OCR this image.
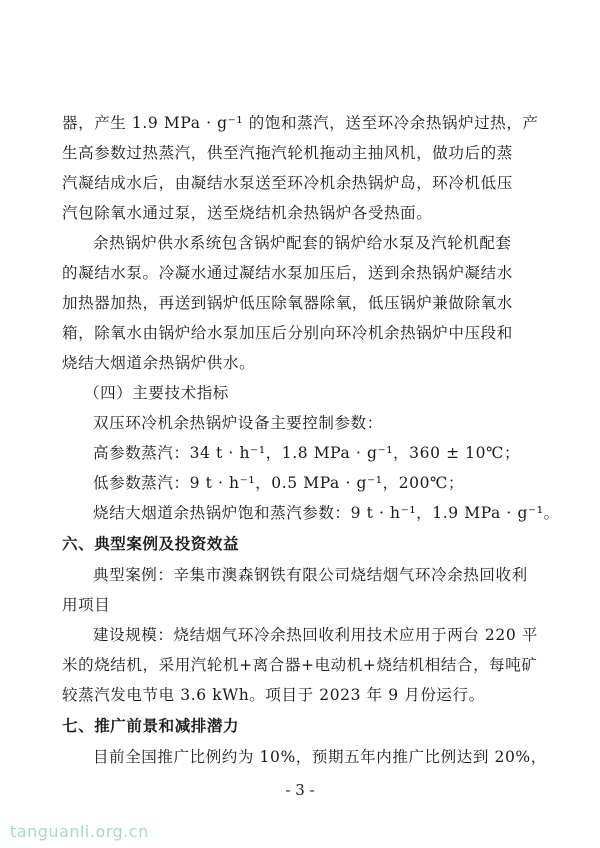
器，产生 1.9 MPa · g⁻¹ 的饱和蒸汽，送至环冷余热锅炉过热，产
生高参数过热蒸汽，供至汽拖汽轮机拖动主抽风机，做功后的蒸
汽凝结成水后，由凝结水泵送至环冷机余热锅炉岛，环冷机低压
汽包除氧水通过泵，送至烧结机余热锅炉各受热面。
余热锅炉供水系统包含锅炉配套的锅炉给水泵及汽轮机配套
的凝结水泵。冷凝水通过凝结水泵加压后，送到余热锅炉凝结水
加热器加热，再送到锅炉低压除氧器除氧，低压锅炉兼做除氧水
箱，除氧水由锅炉给水泵加压后分别向环冷机余热锅炉中压段和
烧结大烟道余热锅炉供水。
（四）主要技术指标
双压环冷机余热锅炉设备主要控制参数：
高参数蒸汽：34 t · h⁻¹，1.8 MPa · g⁻¹，360 ± 10℃；
低参数蒸汽：9 t · h⁻¹，0.5 MPa · g⁻¹，200℃；
烧结大烟道余热锅炉饱和蒸汽参数：9 t · h⁻¹，1.9 MPa · g⁻¹。
六、典型案例及投资效益
典型案例：辛集市澳森钢铁有限公司烧结烟气环冷余热回收利
用项目
建设规模：烧结烟气环冷余热回收利用技术应用于两台 220 平
米的烧结机，采用汽轮机+离合器+电动机+烧结机相结合，每吨矿
较蒸汽发电节电 3.6 kWh。项目于 2023 年 9 月份运行。
七、推广前景和减排潜力
目前全国推广比例约为 10%，预期五年内推广比例达到 20%，
- 3 -
tanguanli.org.cn
